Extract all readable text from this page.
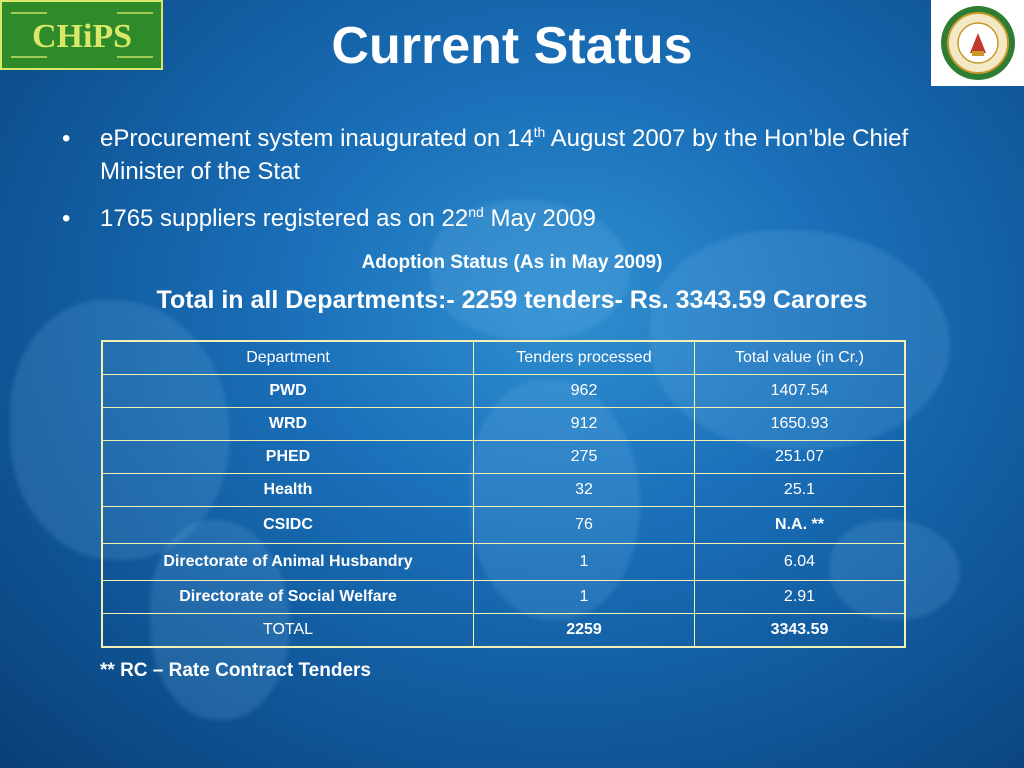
CHiPS	Current Status
• eProcurement system inaugurated on 14th August 2007 by the Hon’ble Chief Minister of the Stat
• 1765 suppliers registered as on 22nd May 2009
Adoption Status (As in May 2009)
Total in all Departments:- 2259 tenders- Rs. 3343.59 Carores
Department	Tenders processed	Total value (in Cr.)
PWD	962	1407.54
WRD	912	1650.93
PHED	275	251.07
Health	32	25.1
CSIDC	76	N.A. **
Directorate of Animal Husbandry	1	6.04
Directorate of Social Welfare	1	2.91
TOTAL	2259	3343.59
** RC – Rate Contract Tenders
